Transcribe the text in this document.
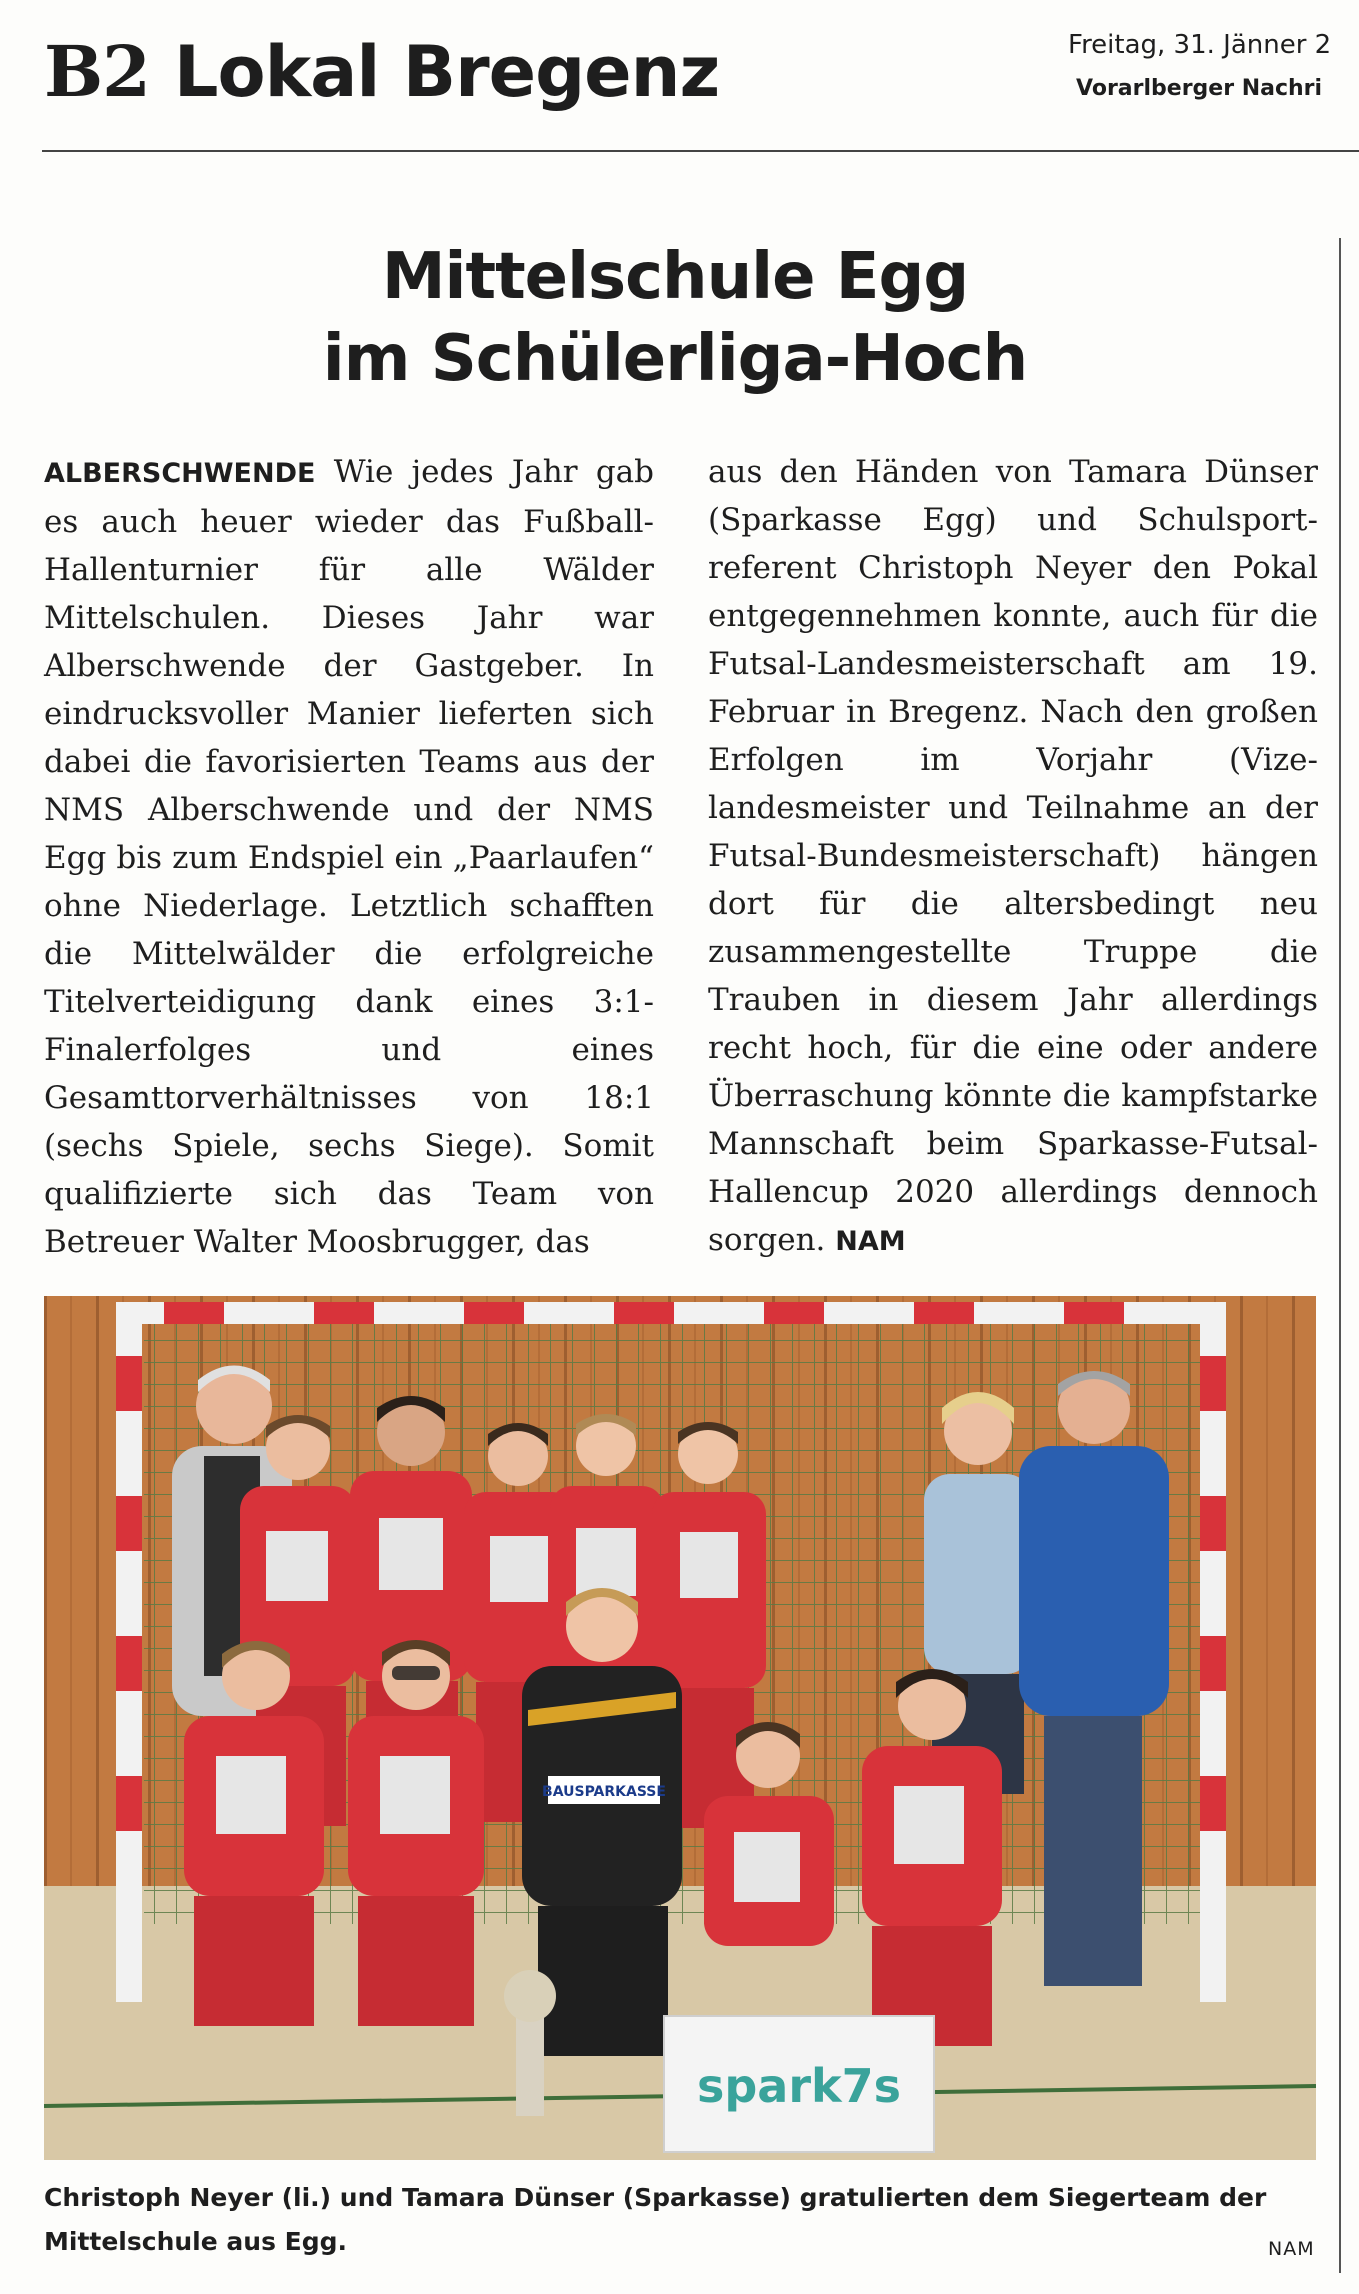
B2 Lokal Bregenz	Freitag, 31. Jänner 2
Vorarlberger Nachri
Mittelschule Egg
im Schülerliga-Hoch
ALBERSCHWENDE Wie jedes Jahr gab es auch heuer wieder das Fußball-Hallenturnier für alle Wälder Mittelschulen. Dieses Jahr war Alberschwende der Gastgeber. In eindrucksvoller Manier lieferten sich dabei die favorisierten Teams aus der NMS Alberschwende und der NMS Egg bis zum Endspiel ein „Paarlaufen“ ohne Niederlage. Letztlich schafften die Mittelwälder die erfolgreiche Titelverteidigung dank eines 3:1-Finalerfolges und eines Gesamttorverhältnisses von 18:1 (sechs Spiele, sechs Siege). Somit qualifizierte sich das Team von Betreuer Walter Moosbrugger, das
aus den Händen von Tamara Dünser (Sparkasse Egg) und Schulsportreferent Christoph Neyer den Pokal entgegennehmen konnte, auch für die Futsal-Landesmeisterschaft am 19. Februar in Bregenz. Nach den großen Erfolgen im Vorjahr (Vizelandesmeister und Teilnahme an der Futsal-Bundesmeisterschaft) hängen dort für die altersbedingt neu zusammengestellte Truppe die Trauben in diesem Jahr allerdings recht hoch, für die eine oder andere Überraschung könnte die kampfstarke Mannschaft beim Sparkasse-Futsal-Hallencup 2020 allerdings dennoch sorgen. NAM
BAUSPARKASSE
spark7s
Christoph Neyer (li.) und Tamara Dünser (Sparkasse) gratulierten dem Siegerteam der Mittelschule aus Egg.	NAM
